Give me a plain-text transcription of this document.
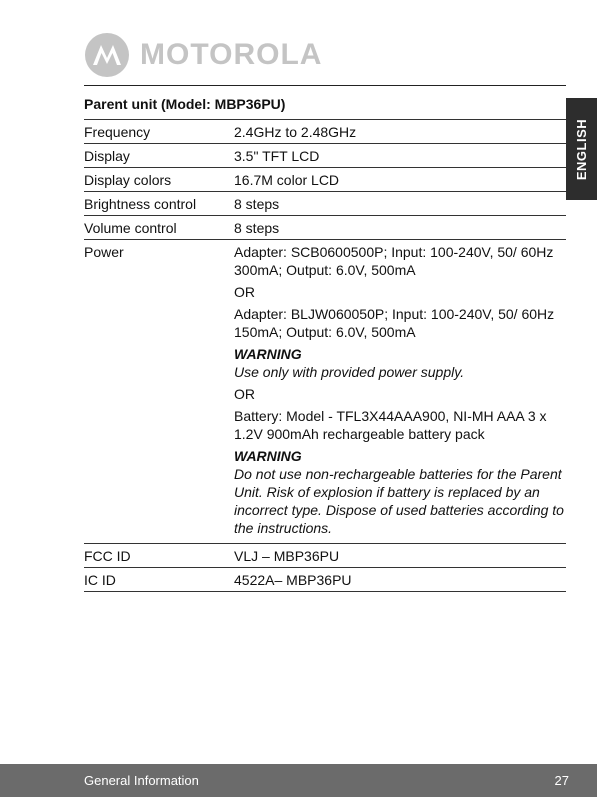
MOTOROLA
ENGLISH
Parent unit (Model: MBP36PU)
Frequency	2.4GHz to 2.48GHz
Display	3.5" TFT LCD
Display colors	16.7M color LCD
Brightness control	8 steps
Volume control	8 steps
Power	Adapter: SCB0600500P; Input: 100-240V, 50/ 60Hz 300mA; Output: 6.0V, 500mA

OR

Adapter: BLJW060050P; Input: 100-240V, 50/ 60Hz 150mA; Output: 6.0V, 500mA

WARNING

Use only with provided power supply.

OR

Battery: Model - TFL3X44AAA900, NI-MH AAA 3 x 1.2V 900mAh rechargeable battery pack

WARNING

Do not use non-rechargeable batteries for the Parent Unit. Risk of explosion if battery is replaced by an incorrect type. Dispose of used batteries according to the instructions.

FCC ID	VLJ – MBP36PU
IC ID	4522A– MBP36PU
General Information	27
